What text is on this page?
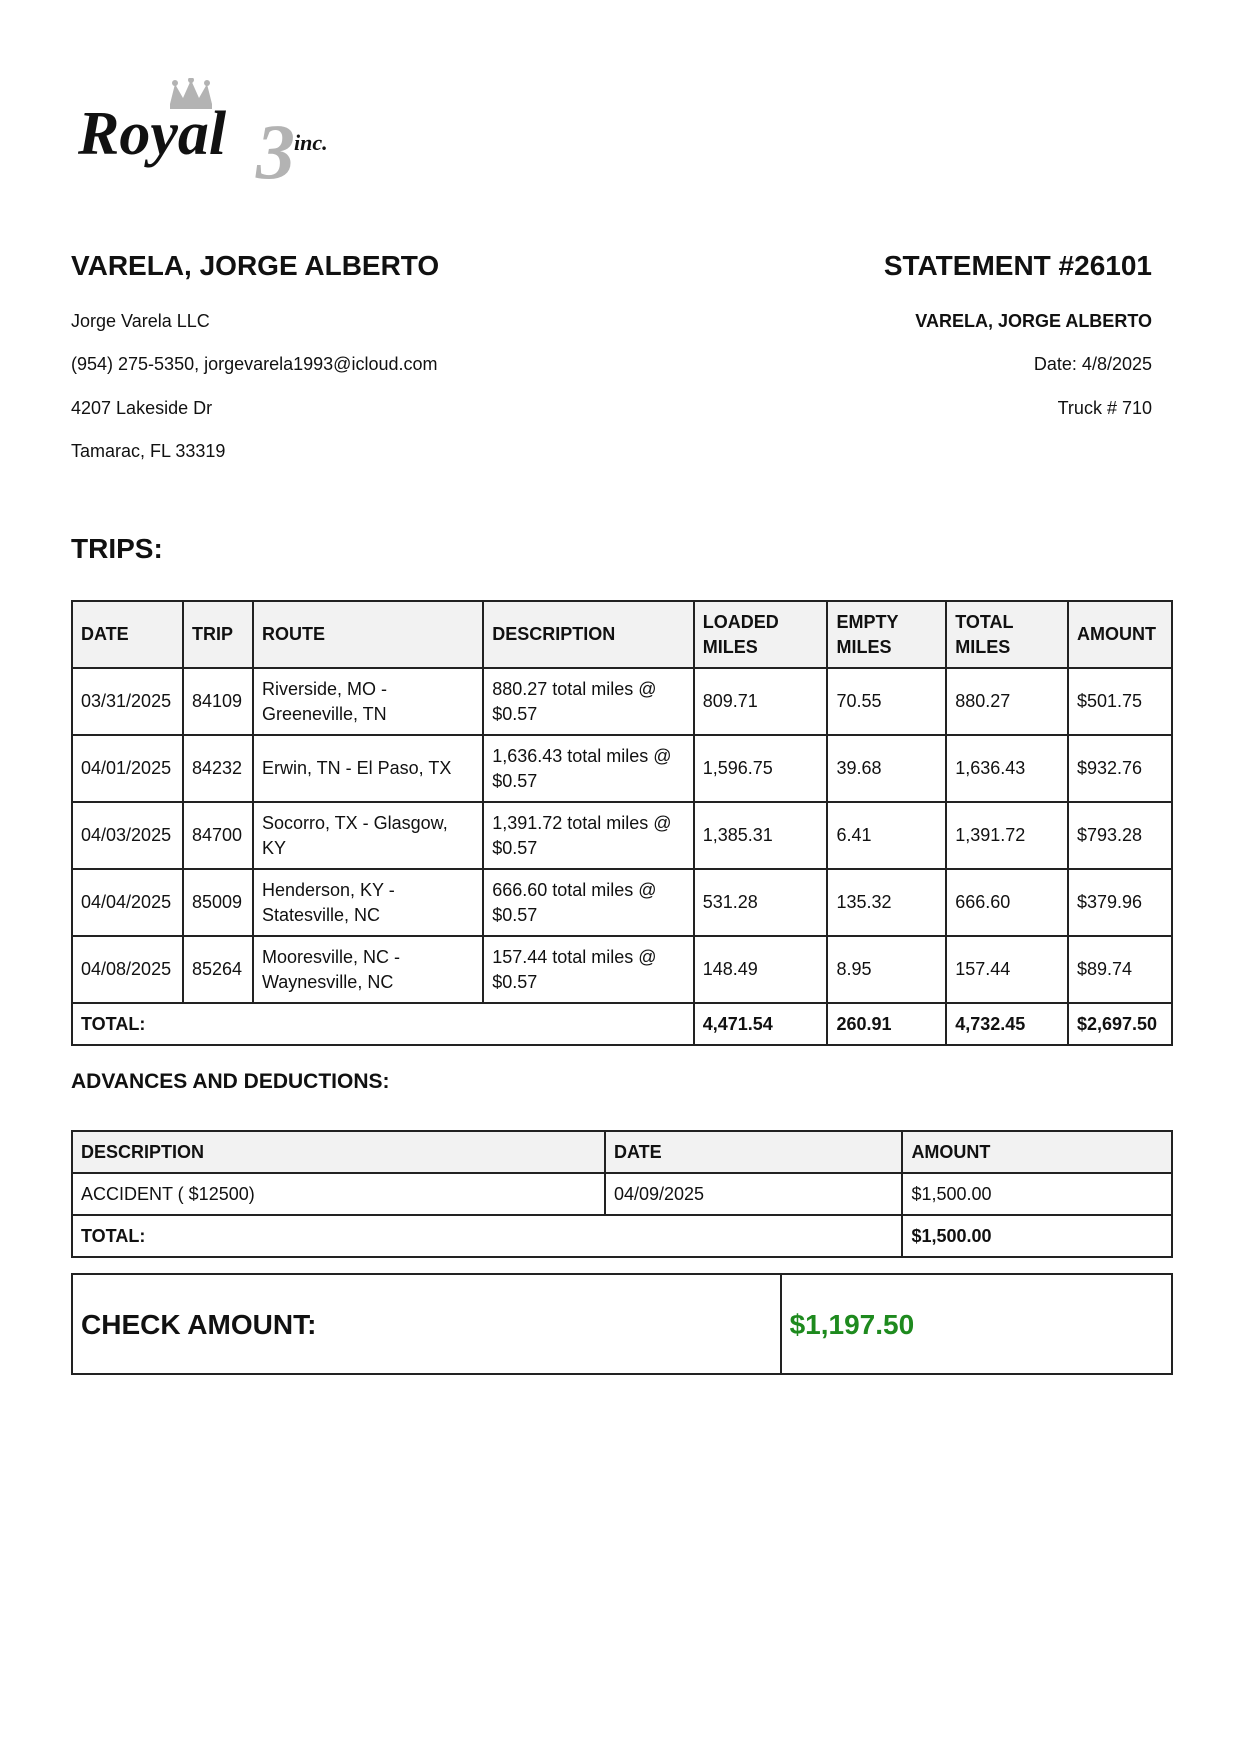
Royal 3 inc.
VARELA, JORGE ALBERTO
Jorge Varela LLC
(954) 275-5350, jorgevarela1993@icloud.com
4207 Lakeside Dr
Tamarac, FL 33319
STATEMENT #26101
VARELA, JORGE ALBERTO
Date: 4/8/2025
Truck # 710
TRIPS:
DATE	TRIP	ROUTE	DESCRIPTION	LOADED MILES	EMPTY MILES	TOTAL MILES	AMOUNT
03/31/2025	84109	Riverside, MO - Greeneville, TN	880.27 total miles @ $0.57	809.71	70.55	880.27	$501.75
04/01/2025	84232	Erwin, TN - El Paso, TX	1,636.43 total miles @ $0.57	1,596.75	39.68	1,636.43	$932.76
04/03/2025	84700	Socorro, TX - Glasgow, KY	1,391.72 total miles @ $0.57	1,385.31	6.41	1,391.72	$793.28
04/04/2025	85009	Henderson, KY - Statesville, NC	666.60 total miles @ $0.57	531.28	135.32	666.60	$379.96
04/08/2025	85264	Mooresville, NC - Waynesville, NC	157.44 total miles @ $0.57	148.49	8.95	157.44	$89.74
TOTAL:				4,471.54	260.91	4,732.45	$2,697.50
ADVANCES AND DEDUCTIONS:
DESCRIPTION	DATE	AMOUNT
ACCIDENT ( $12500)	04/09/2025	$1,500.00
TOTAL:		$1,500.00
CHECK AMOUNT:	$1,197.50
